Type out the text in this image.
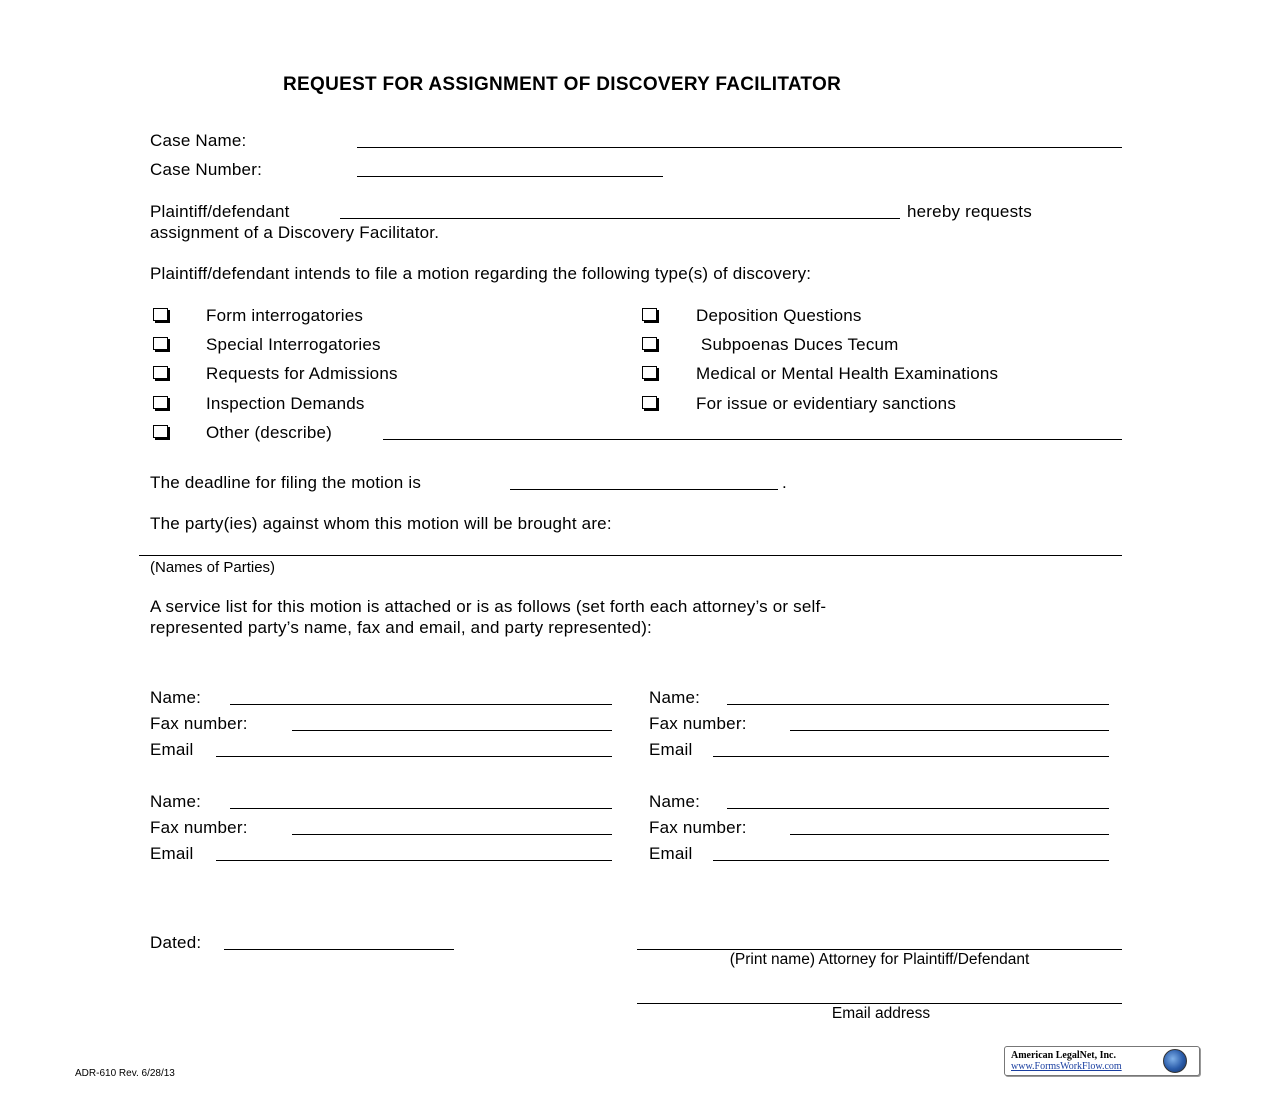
REQUEST FOR ASSIGNMENT OF DISCOVERY FACILITATOR
Case Name:
Case Number:
Plaintiff/defendant	hereby requests
assignment of a Discovery Facilitator.
Plaintiff/defendant intends to file a motion regarding the following type(s) of discovery:
Form interrogatories
Special Interrogatories
Requests for Admissions
Inspection Demands
Deposition Questions
Subpoenas Duces Tecum
Medical or Mental Health Examinations
For issue or evidentiary sanctions
Other (describe)
The deadline for filing the motion is	.
The party(ies) against whom this motion will be brought are:
(Names of Parties)
A service list for this motion is attached or is as follows (set forth each attorney’s or self-
represented party’s name, fax and email, and party represented):
Name:
Fax number:
Email
Name:
Fax number:
Email
Name:
Fax number:
Email
Name:
Fax number:
Email
Dated:
(Print name) Attorney for Plaintiff/Defendant
Email address
ADR-610 Rev. 6/28/13
American LegalNet, Inc.
www.FormsWorkFlow.com
